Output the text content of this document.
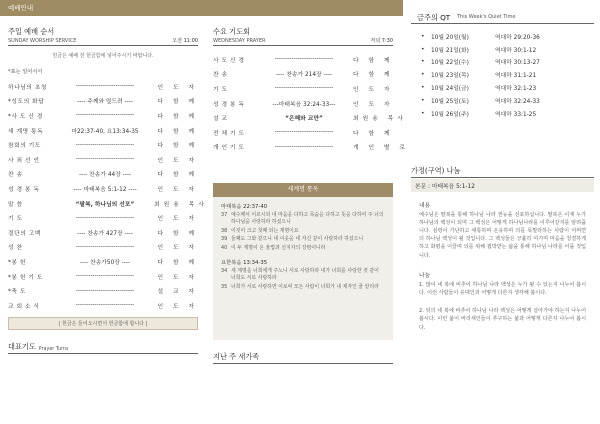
예배안내
주일 예배 순서
SUNDAY WORSHIP SERVICE	오전 11:00
헌금은 예배 전 헌금함에 넣어주시기 바랍니다.
*표는 일어서서
하나님의 초청	----------------------------	인 도 자
*성도의 화답	---- 주께와 엎드려 ----	다 함 께
*사 도 신 경	----------------------------	다 함 께
새 계명 통독	마22:37-40, 요13:34-35	다 함 께
참회의 기도	----------------------------	다 함 께
사 죄 선 언	----------------------------	인 도 자
찬 송	---- 찬송가 44장 ----	다 함 께
성 경 봉 독	---- 마태복음 5:1-12 ----	인 도 자
말 씀	“팔복, 하나님의 선포”	최원용 목사
기 도	----------------------------	인 도 자
결단의 고백	---- 찬송가 427장 ----	다 함 께
성 찬	----------------------------	인 도 자
*봉 헌	---- 찬송가50장 ----	다 함 께
*봉 헌 기 도	----------------------------	인 도 자
*축 도	----------------------------	설 교 자
교 회 소 식	----------------------------	인 도 자
| 헌금은 들어오시면서 헌금함에 합니다 |
대표기도 Prayer Turns
수요 기도회
WEDNESDAY PRAYER	저녁 7:30
사 도 신 경	----------------------------	다 함 께
찬 송	---- 찬송가 214장 ----	다 함 께
기 도	----------------------------	인 도 자
성 경 봉 독	---마태복음 32:24-33---	인 도 자
설 교	“은혜와 교만”	최원용 목사
전 체 기 도	----------------------------	다 함 께
개 인 기 도	----------------------------	개 인 별 로
새계명 통독
마태복음 22:37-40
37 예수께서 이르시되 네 마음을 다하고 목숨을 다하고 뜻을 다하여 주 너의 하나님을 사랑하라 하셨으니
38 이것이 크고 첫째 되는 계명이요
39 둘째도 그와 같으니 네 이웃을 네 자신 같이 사랑하라 하셨으니
40 이 두 계명이 온 율법과 선지자의 강령이니라
요한복음 13:34-35
34 새 계명을 너희에게 주노니 서로 사랑하라 내가 너희를 사랑한 것 같이 너희도 서로 사랑하라
35 너희가 서로 사랑하면 이로써 모든 사람이 너희가 내 제자인 줄 알리라
지난 주 새가족
금주의 QT This Week's Quiet Time
•	10월 20일(월)	역대하 29:20-36
•	10월 21일(화)	역대하 30:1-12
•	10월 22일(수)	역대하 30:13-27
•	10월 23일(목)	역대하 31:1-21
•	10월 24일(금)	역대하 32:1-23
•	10월 25일(토)	역대하 32:24-33
•	10월 26일(주)	역대하 33:1-25
가정(구역) 나눔
본문 : 마태복음 5:1-12
내용
예수님은 팔복을 통해 하나님 나라 권능을 선포하십니다. 팔복은 이제 누가 하나님의 백성이 되며 그 백성은 어떻게 하나님나라를 이루어갈지를 알려줍니다. 심령이 가난하고 애통하며 온유하며 의를 목말라하는 사람이 어쩌면 더 하나님 백성이 될 것입니다. 그 백성들은 긍휼히 여기며 마음을 청결하게 하고 화평을 이끌며 의를 위해 핍박받는 삶을 통해 하나님 나라를 이룰 것입니다.
나눔
1. 많이 네 복에 비추어 하나님 나라 백성은 누가 될 수 있는지 나누어 봅시다. 이런 사람들이 유대인과 어떻게 다른지 생각해 봅시다.
2. 뒤의 네 복에 비추어 하나님 나라 백성은 어떻게 살아가야 하는지 나누어 봅시다. 이런 삶이 바리새인들이 추구하는 삶과 어떻게 다른지 나누어 봅시다.
